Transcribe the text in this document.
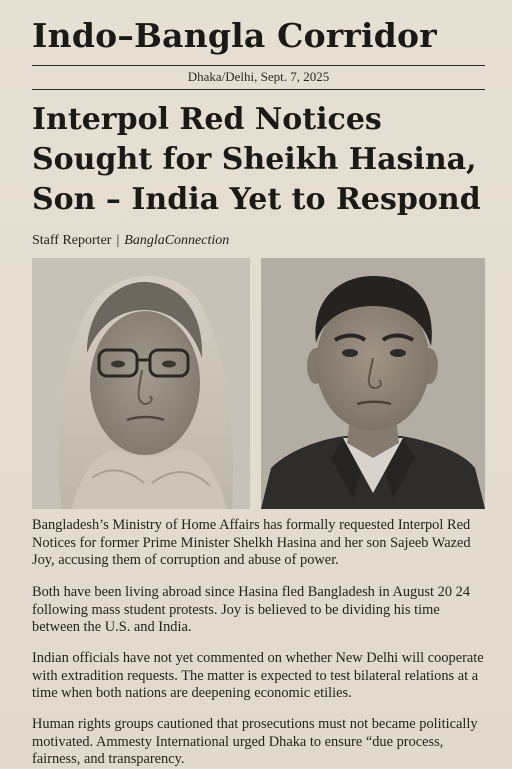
Indo–Bangla Corridor
Dhaka/Delhi, Sept. 7, 2025
Interpol Red Notices Sought for Sheikh Hasina, Son – India Yet to Respond
Staff Reporter | BanglaConnection

Bangladesh’s Ministry of Home Affairs has formally requested Interpol Red Notices for former Prime Minister Shelkh Hasina and her son Sajeeb Wazed Joy, accusing them of corruption and abuse of power.

Both have been living abroad since Hasina fled Bangladesh in August 20 24 following mass student protests. Joy is believed to be dividing his time between the U.S. and India.

Indian officials have not yet commented on whether New Delhi will cooperate with extradition requests. The matter is expected to test bilateral relations at a time when both nations are deepening economic etilies.

Human rights groups cautioned that prosecutions must not became politically motivated. Ammesty International urged Dhaka to ensure “due process, fairness, and transparency.
